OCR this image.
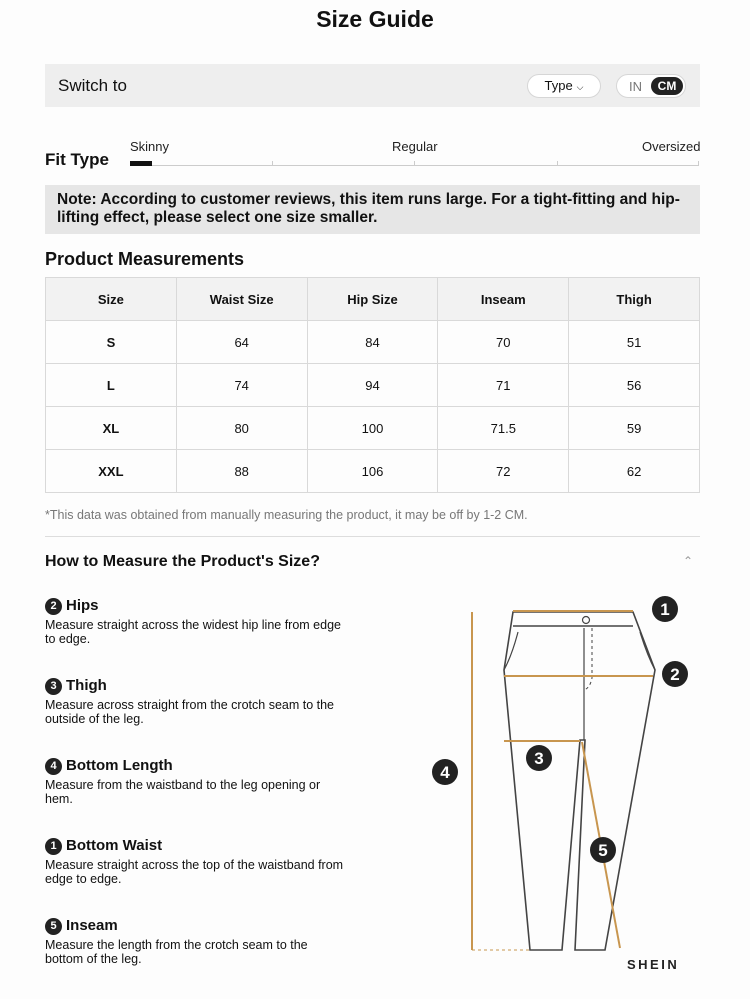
Size Guide
Switch to	Type ⌵	IN	CM
Fit Type
Skinny	Regular	Oversized
Note: According to customer reviews, this item runs large. For a tight-fitting and hip-lifting effect, please select one size smaller.
Product Measurements
Size	Waist Size	Hip Size	Inseam	Thigh
S	64	84	70	51
L	74	94	71	56
XL	80	100	71.5	59
XXL	88	106	72	62
*This data was obtained from manually measuring the product, it may be off by 1-2 CM.
How to Measure the Product's Size?	⌃
2 Hips
Measure straight across the widest hip line from edge to edge.
3 Thigh
Measure across straight from the crotch seam to the outside of the leg.
4 Bottom Length
Measure from the waistband to the leg opening or hem.
1 Bottom Waist
Measure straight across the top of the waistband from edge to edge.
5 Inseam
Measure the length from the crotch seam to the bottom of the leg.
1
2
3
4
5
SHEIN
